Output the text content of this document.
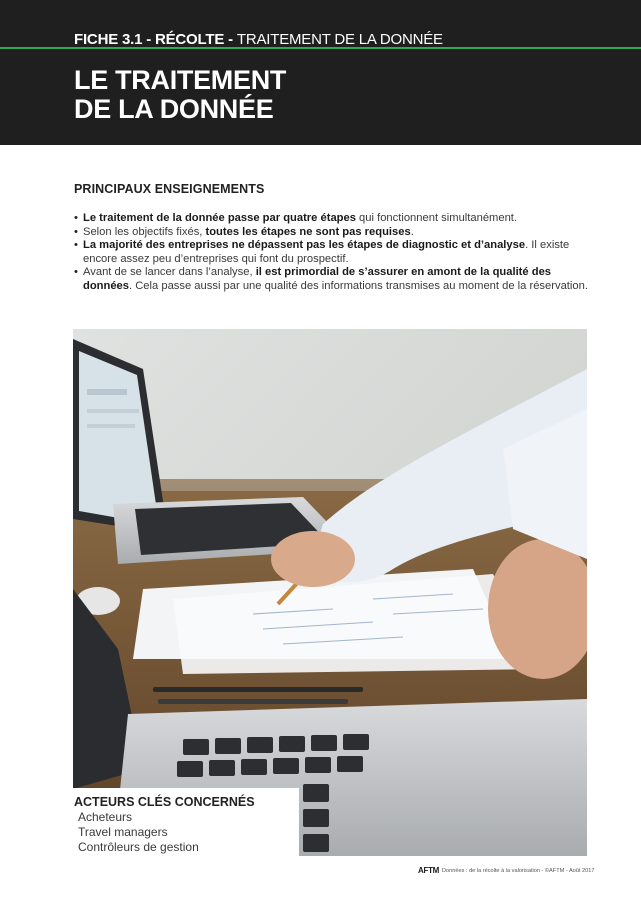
FICHE 3.1 - RÉCOLTE - TRAITEMENT DE LA DONNÉE
LE TRAITEMENT
DE LA DONNÉE
PRINCIPAUX ENSEIGNEMENTS
• Le traitement de la donnée passe par quatre étapes qui fonctionnent simultanément.
• Selon les objectifs fixés, toutes les étapes ne sont pas requises.
• La majorité des entreprises ne dépassent pas les étapes de diagnostic et d’analyse. Il existe encore assez peu d’entreprises qui font du prospectif.
• Avant de se lancer dans l’analyse, il est primordial de s’assurer en amont de la qualité des données. Cela passe aussi par une qualité des informations transmises au moment de la réservation.
ACTEURS CLÉS CONCERNÉS
Acheteurs
Travel managers
Contrôleurs de gestion
AFTM Données : de la récolte à la valorisation - ©AFTM - Août 2017
